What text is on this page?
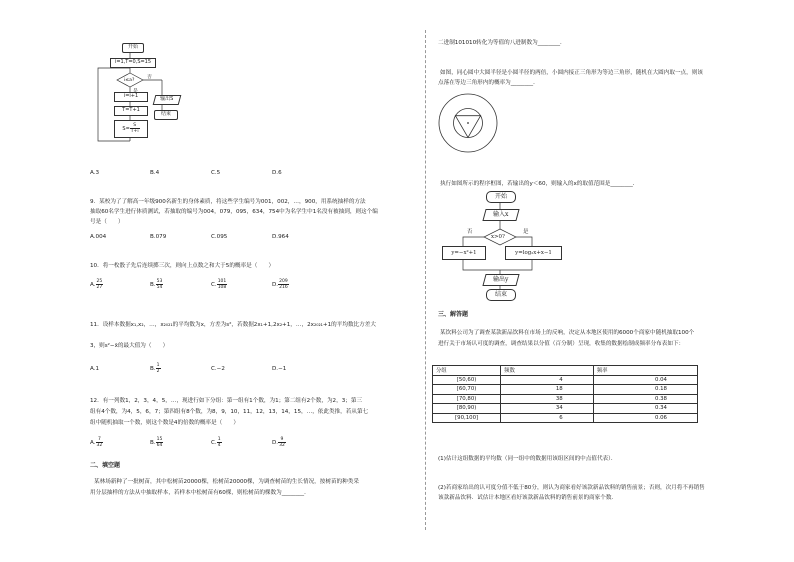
开始
i=1,T=0,S=15
i≤a?
否
i=i+1	输出S
T=T+1
结束
$S= \frac{S}{T+i}$
A.3	B.4	C.5	D.6
9．某校为了了解高一年级900名新生的身体素质，将这些学生编号为001，002，…，900，用系统抽样的方法
抽取60名学生进行体质测试，若抽取的编号为004，079，095，634，754中为名学生中1名没有被抽到，则这个编
号是（　　）
A.004	B.079	C.095	D.964
10．将一枚骰子先后连续掷三次，则向上点数之和大于5的概率是（　　）
A. $\frac{25}{27}$	B. $\frac{53}{54}$	C. $\frac{101}{108}$	D. $\frac{209}{216}$
11．设样本数据x₁,x₂，…，x₂₀₂₁的平均数为x，方差为s²，若数据2x₁+1,2x₂+1，…，2x₂₀₂₁+1的平均数比方差大
3，则s²−x̄的最大值为（　　）
A.1	B. $\frac{1}{2}$	C.−2	D.−1
12．有一列数1，2，3，4，5，…，现进行如下分组：第一组有1个数，为1；第二组有2个数，为2，3；第三
组有4个数，为4，5，6，7；第四组有8个数，为8，9，10，11，12，13，14，15，…，依此类推，若从第七
组中随机抽取一个数，则这个数是4的倍数的概率是（　　）
A. $\frac{7}{32}$	B. $\frac{15}{64}$	C. $\frac{1}{4}$	D. $\frac{9}{32}$
二、填空题
某林场新种了一批树苗，其中松树苗20000棵，松树苗20000棵，为调查树苗的生长情况，按树苗的种类采
用分层抽样的方法从中抽取样本，若样本中松树苗有60棵，则松树苗的棵数为________．
二进制101010转化为等值的八进制数为________．
如图，同心圆中大圆半径是小圆半径的两倍，小圆内接正三角形为等边三角形，随机在大圆内取一点，则该
点落在等边三角形内的概率为________．
执行如图所示的程序框图，若输出的y＜60，则输入的x的取值范围是________．
开始
输入x
x>0?
否	是
y=−x²+1	y=log₂x+x−1
输出y
结束
三、解答题
某饮料公司为了调查某款新品饮料在市场上的反响，决定从本地区使用的6000个商家中随机抽取100个
进行关于市场认可度的调查，调查结果以分值（百分制）呈现，收集的数据绘制成频率分布表如下：
分组	频数	频率
[50,60)	4	0.04
[60,70)	18	0.18
[70,80)	38	0.38
[80,90)	34	0.34
[90,100]	6	0.06
(1)估计这组数据的平均数（同一组中的数据用该组区间的中点值代表）．
(2)若商家给出的认可度分值不低于80分，则认为商家看好该款新品饮料的销售前景；否则，次月将不再销售
该款新品饮料．试估计本地区看好该款新品饮料的销售前景的商家个数．
